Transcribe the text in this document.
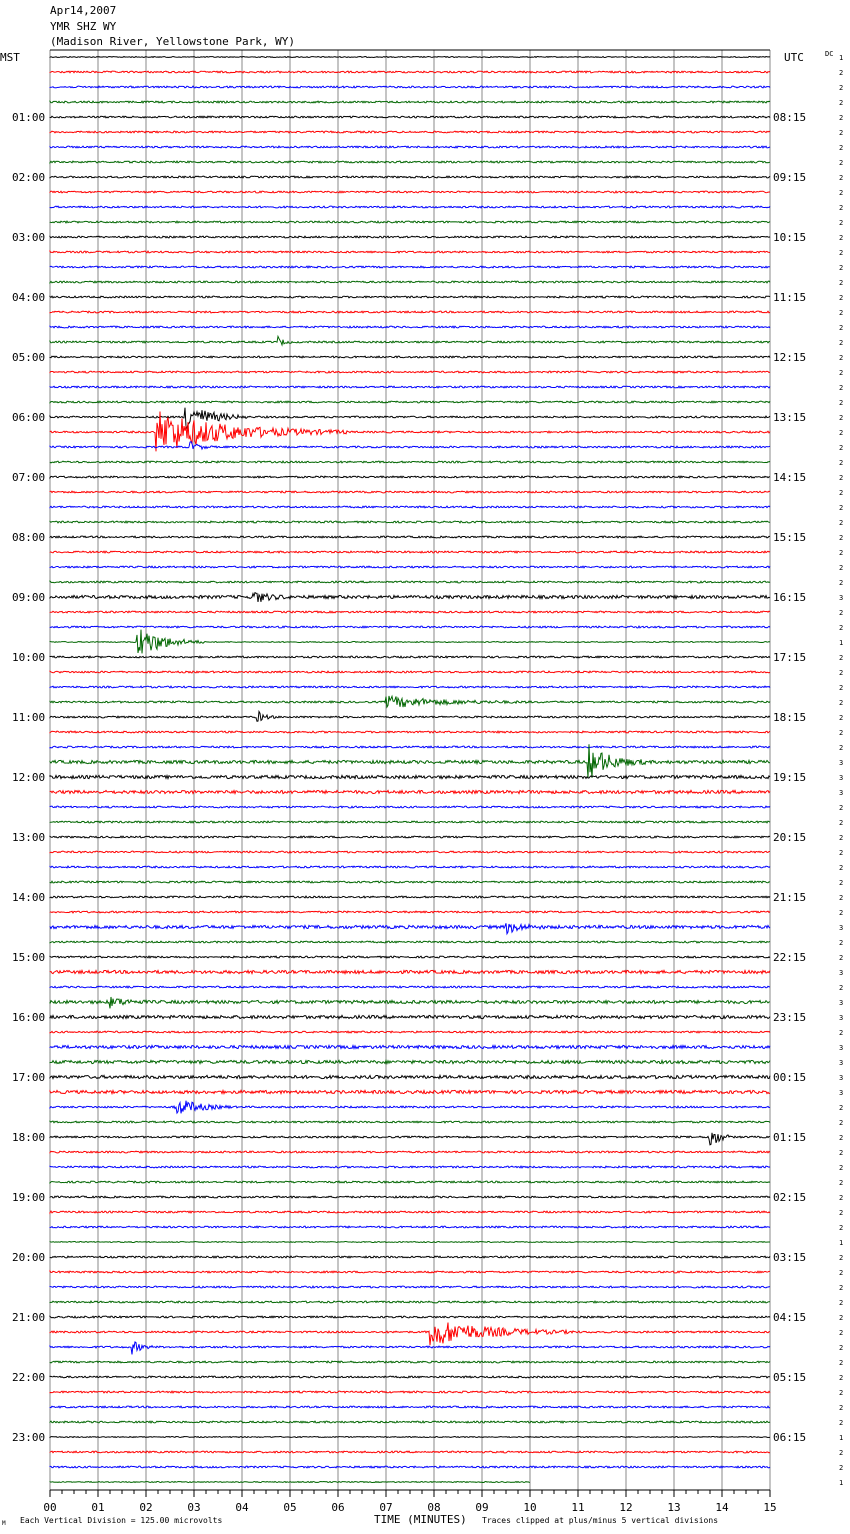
MST	UTC	DC
01:00
02:00
03:00
04:00
05:00
06:00
07:00
08:00
09:00
10:00
11:00
12:00
13:00
14:00
15:00
16:00
17:00
18:00
19:00
20:00
21:00
22:00
23:00
08:15
09:15
10:15
11:15
12:15
13:15
14:15
15:15
16:15
17:15
18:15
19:15
20:15
21:15
22:15
23:15
00:15
01:15
02:15
03:15
04:15
05:15
06:15
1
2
2
2
2
2
2
2
2
2
2
2
2
2
2
2
2
2
2
2
2
2
2
2
2
2
2
2
2
2
2
2
2
2
2
2
3
2
2
1
2
2
2
2
2
2
2
3
3
3
2
2
2
2
2
2
2
2
3
2
2
3
2
3
3
2
3
3
3
3
2
2
2
2
2
2
2
2
2
1
2
2
2
2
2
2
2
2
2
2
2
2
1
2
2
1
00	01	02	03	04	05	06	07	08	09	10	11	12	13	14	15
M Each Vertical Division = 125.00 microvolts	TIME (MINUTES) Traces clipped at plus/minus 5 vertical divisions
Apr14,2007
YMR SHZ WY
(Madison River, Yellowstone Park, WY)
